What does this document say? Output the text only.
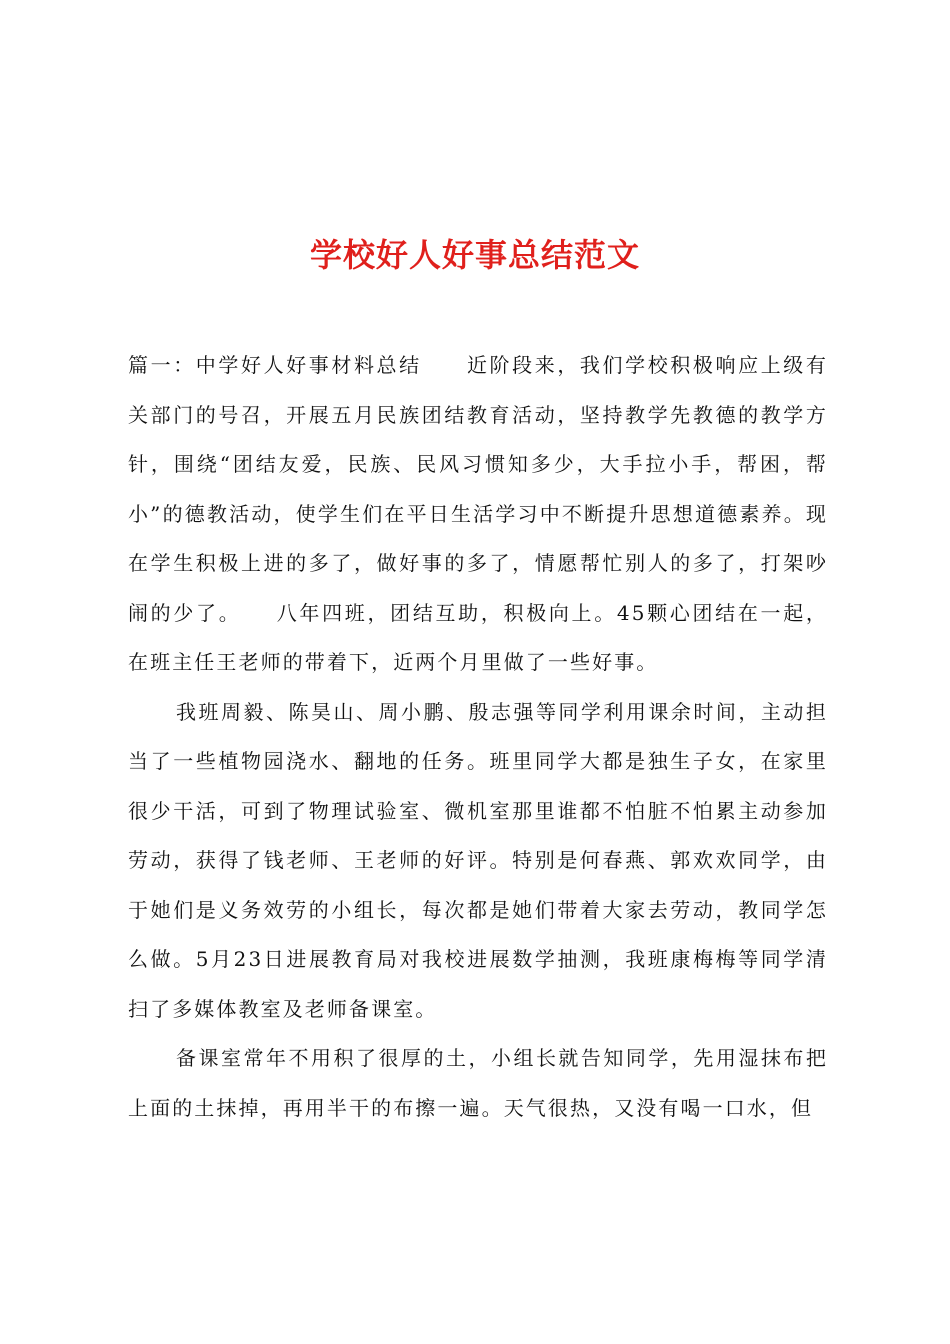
学校好人好事总结范文

篇一：中学好人好事材料总结　　近阶段来，我们学校积极响应上级有关部门的号召，开展五月民族团结教育活动，坚持教学先教德的教学方针，围绕“团结友爱，民族、民风习惯知多少，大手拉小手，帮困，帮小”的德教活动，使学生们在平日生活学习中不断提升思想道德素养。现在学生积极上进的多了，做好事的多了，情愿帮忙别人的多了，打架吵闹的少了。　　八年四班，团结互助，积极向上。45颗心团结在一起，在班主任王老师的带着下，近两个月里做了一些好事。

我班周毅、陈昊山、周小鹏、殷志强等同学利用课余时间，主动担当了一些植物园浇水、翻地的任务。班里同学大都是独生子女，在家里很少干活，可到了物理试验室、微机室那里谁都不怕脏不怕累主动参加劳动，获得了钱老师、王老师的好评。特别是何春燕、郭欢欢同学，由于她们是义务效劳的小组长，每次都是她们带着大家去劳动，教同学怎么做。5月23日进展教育局对我校进展数学抽测，我班康梅梅等同学清扫了多媒体教室及老师备课室。

备课室常年不用积了很厚的土，小组长就告知同学，先用湿抹布把上面的土抹掉，再用半干的布擦一遍。天气很热，又没有喝一口水，但
